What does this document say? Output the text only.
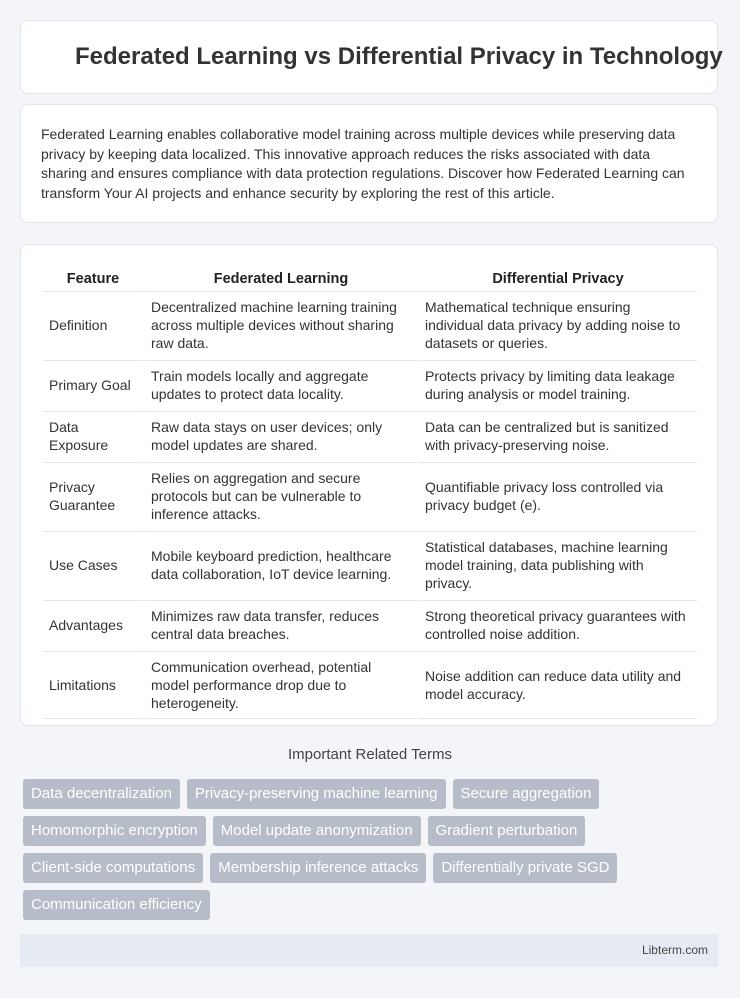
Federated Learning vs Differential Privacy in Technology

Federated Learning enables collaborative model training across multiple devices while preserving data privacy by keeping data localized. This innovative approach reduces the risks associated with data sharing and ensures compliance with data protection regulations. Discover how Federated Learning can transform Your AI projects and enhance security by exploring the rest of this article.

Feature	Federated Learning	Differential Privacy
Definition	Decentralized machine learning training across multiple devices without sharing raw data.	Mathematical technique ensuring individual data privacy by adding noise to datasets or queries.
Primary Goal	Train models locally and aggregate updates to protect data locality.	Protects privacy by limiting data leakage during analysis or model training.
Data Exposure	Raw data stays on user devices; only model updates are shared.	Data can be centralized but is sanitized with privacy-preserving noise.
Privacy Guarantee	Relies on aggregation and secure protocols but can be vulnerable to inference attacks.	Quantifiable privacy loss controlled via privacy budget (e).
Use Cases	Mobile keyboard prediction, healthcare data collaboration, IoT device learning.	Statistical databases, machine learning model training, data publishing with privacy.
Advantages	Minimizes raw data transfer, reduces central data breaches.	Strong theoretical privacy guarantees with controlled noise addition.
Limitations	Communication overhead, potential model performance drop due to heterogeneity.	Noise addition can reduce data utility and model accuracy.
Important Related Terms
Data decentralization	Privacy-preserving machine learning	Secure aggregation
Homomorphic encryption	Model update anonymization	Gradient perturbation
Client-side computations	Membership inference attacks	Differentially private SGD
Communication efficiency
Libterm.com
